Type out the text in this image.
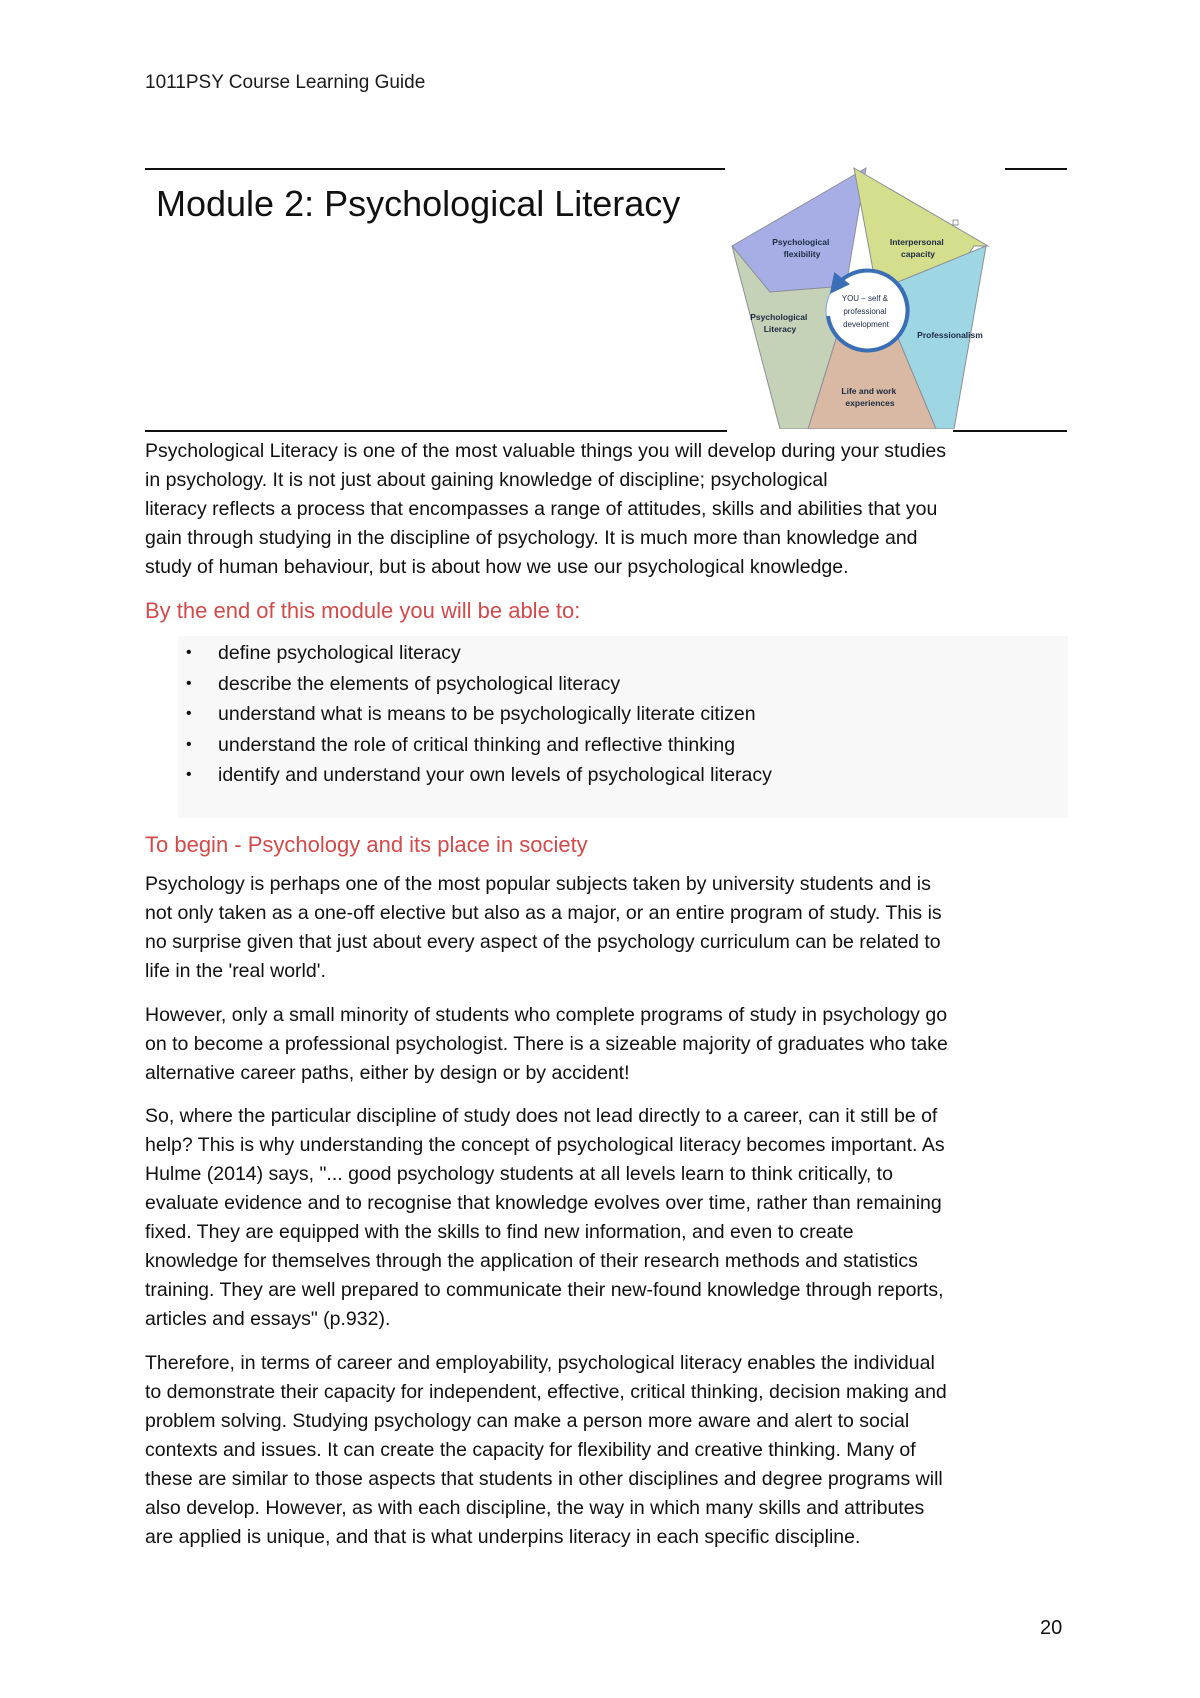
1011PSY Course Learning Guide
Module 2: Psychological Literacy
Psychological flexibility
Interpersonal capacity
Professionalism
Life and work experiences
Psychological Literacy
YOU – self & professional development

Psychological Literacy is one of the most valuable things you will develop during your studies
in psychology. It is not just about gaining knowledge of discipline; psychological
literacy reflects a process that encompasses a range of attitudes, skills and abilities that you
gain through studying in the discipline of psychology. It is much more than knowledge and
study of human behaviour, but is about how we use our psychological knowledge.

By the end of this module you will be able to:
• define psychological literacy
• describe the elements of psychological literacy
• understand what is means to be psychologically literate citizen
• understand the role of critical thinking and reflective thinking
• identify and understand your own levels of psychological literacy
To begin - Psychology and its place in society

Psychology is perhaps one of the most popular subjects taken by university students and is
not only taken as a one-off elective but also as a major, or an entire program of study. This is
no surprise given that just about every aspect of the psychology curriculum can be related to
life in the 'real world'.

However, only a small minority of students who complete programs of study in psychology go
on to become a professional psychologist. There is a sizeable majority of graduates who take
alternative career paths, either by design or by accident!

So, where the particular discipline of study does not lead directly to a career, can it still be of
help? This is why understanding the concept of psychological literacy becomes important. As
Hulme (2014) says, "... good psychology students at all levels learn to think critically, to
evaluate evidence and to recognise that knowledge evolves over time, rather than remaining
fixed. They are equipped with the skills to find new information, and even to create
knowledge for themselves through the application of their research methods and statistics
training. They are well prepared to communicate their new-found knowledge through reports,
articles and essays" (p.932).

Therefore, in terms of career and employability, psychological literacy enables the individual
to demonstrate their capacity for independent, effective, critical thinking, decision making and
problem solving. Studying psychology can make a person more aware and alert to social
contexts and issues. It can create the capacity for flexibility and creative thinking. Many of
these are similar to those aspects that students in other disciplines and degree programs will
also develop. However, as with each discipline, the way in which many skills and attributes
are applied is unique, and that is what underpins literacy in each specific discipline.

20
